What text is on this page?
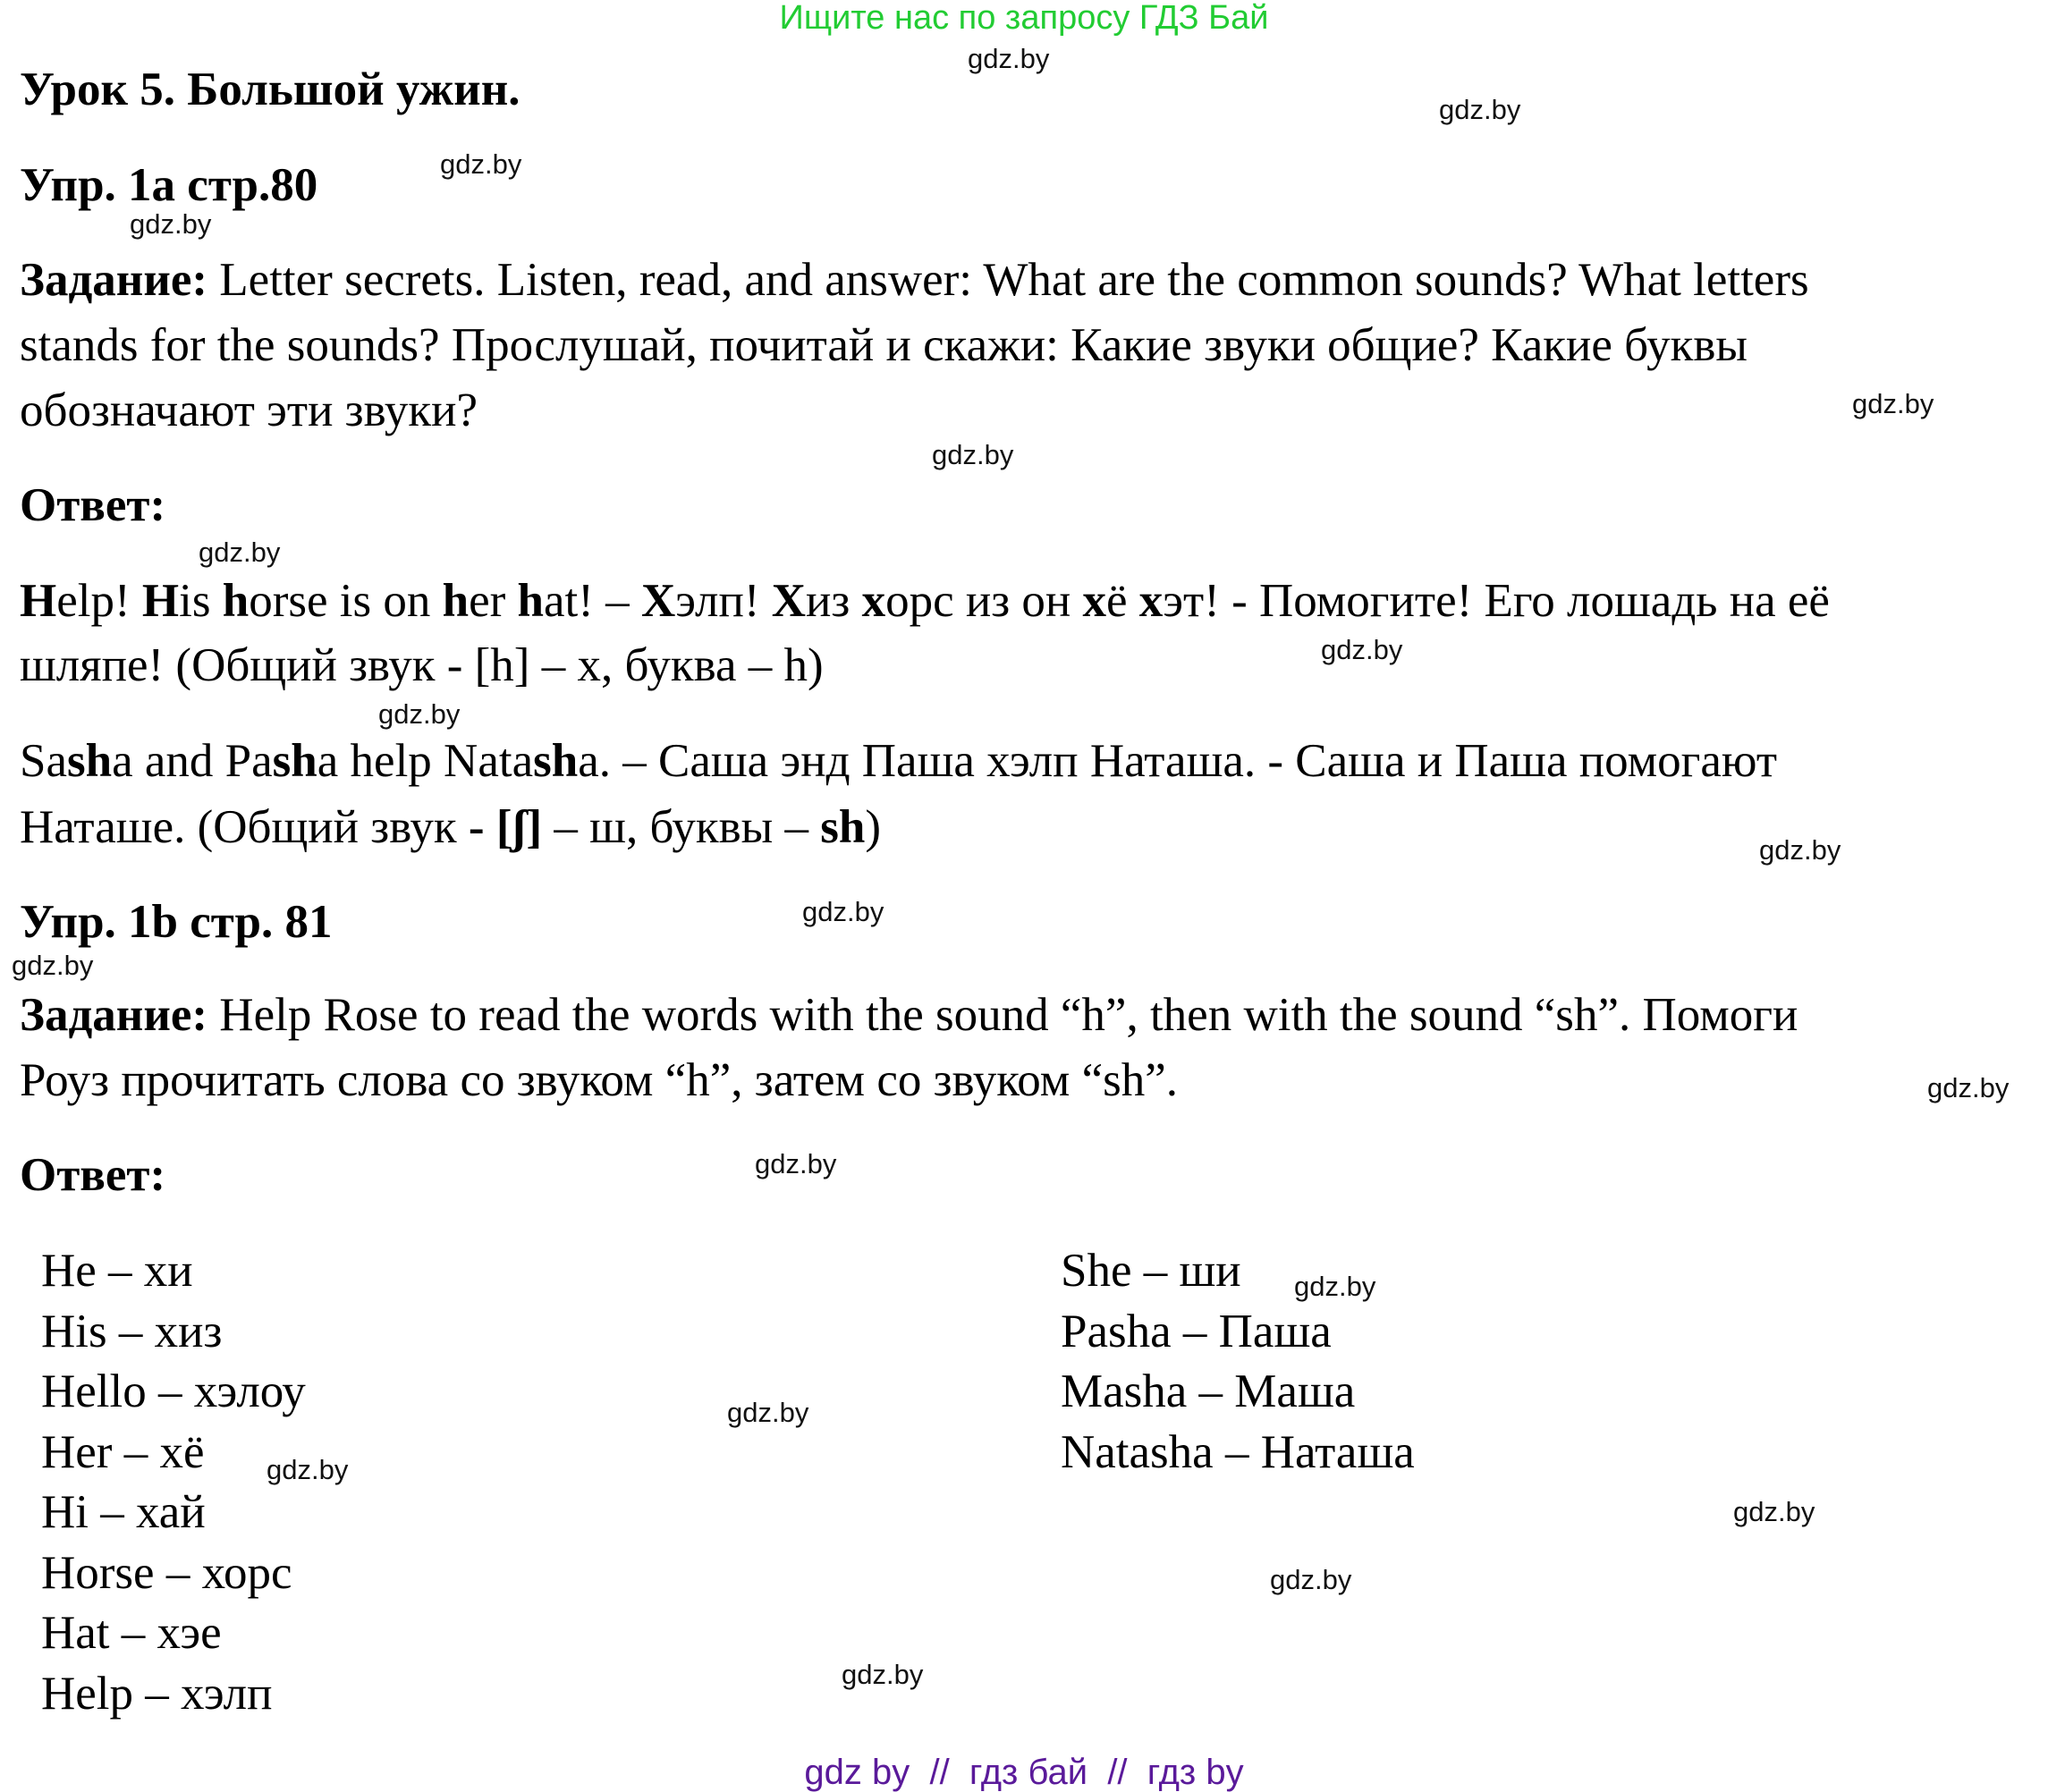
Ищите нас по запросу ГДЗ Бай
Урок 5. Большой ужин.
Упр. 1a стр.80
Задание: Letter secrets. Listen, read, and answer: What are the common sounds? What letters
stands for the sounds? Прослушай, почитай и скажи: Какие звуки общие? Какие буквы
обозначают эти звуки?
Ответ:
Help! His horse is on her hat! – Хэлп! Хиз хорс из он хё хэт! - Помогите! Его лошадь на её
шляпе! (Общий звук - [h] – х, буква – h)
Sasha and Pasha help Natasha. – Саша энд Паша хэлп Наташа. - Саша и Паша помогают
Наташе. (Общий звук - [ʃ] – ш, буквы – sh)
Упр. 1b стр. 81
Задание: Help Rose to read the words with the sound “h”, then with the sound “sh”. Помоги
Роуз прочитать слова со звуком “h”, затем со звуком “sh”.
Ответ:
He – хи
His – хиз
Hello – хэлоу
Her – хё
Hi – хай
Horse – хорс
Hat – хэе
Help – хэлп
She – ши
Pasha – Паша
Masha – Маша
Natasha – Наташа
gdz.by
gdz.by
gdz.by
gdz.by
gdz.by
gdz.by
gdz.by
gdz.by
gdz.by
gdz.by
gdz.by
gdz.by
gdz.by
gdz.by
gdz.by
gdz.by
gdz.by
gdz.by
gdz.by
gdz.by
gdz by  //  гдз бай  //  гдз by
